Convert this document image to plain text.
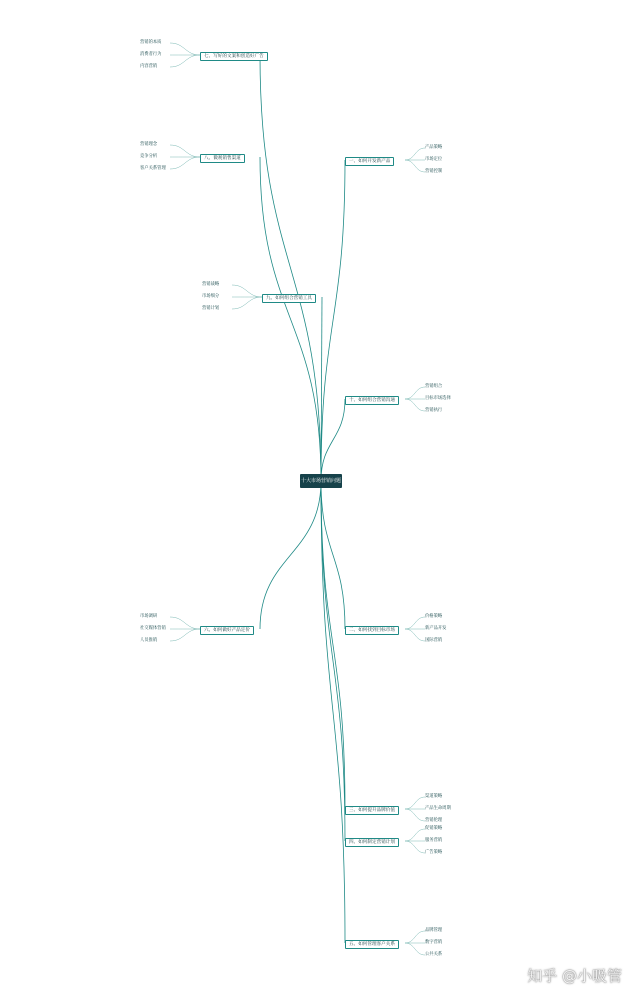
十大市场营销问题
七、写好的文案和创造好广告
八、微观销售渠道
九、如何组合营销工具
十、如何组合营销沟通
一、如何开发新产品
二、如何找到目标市场
三、如何提升品牌价值
四、如何制定营销计划
五、如何管理客户关系
六、如何做好产品定价
营销的本质
营销理念
营销战略
营销组合
产品策略
价格策略
渠道策略
促销策略
品牌管理
市场调研
消费者行为
竞争分析
市场细分
目标市场选择
市场定位
新产品开发
产品生命周期
服务营销
数字营销
社交媒体营销
内容营销
客户关系管理
营销计划
营销执行
营销控制
国际营销
营销伦理
广告策略
公共关系
人员推销
知乎 @小吸管
